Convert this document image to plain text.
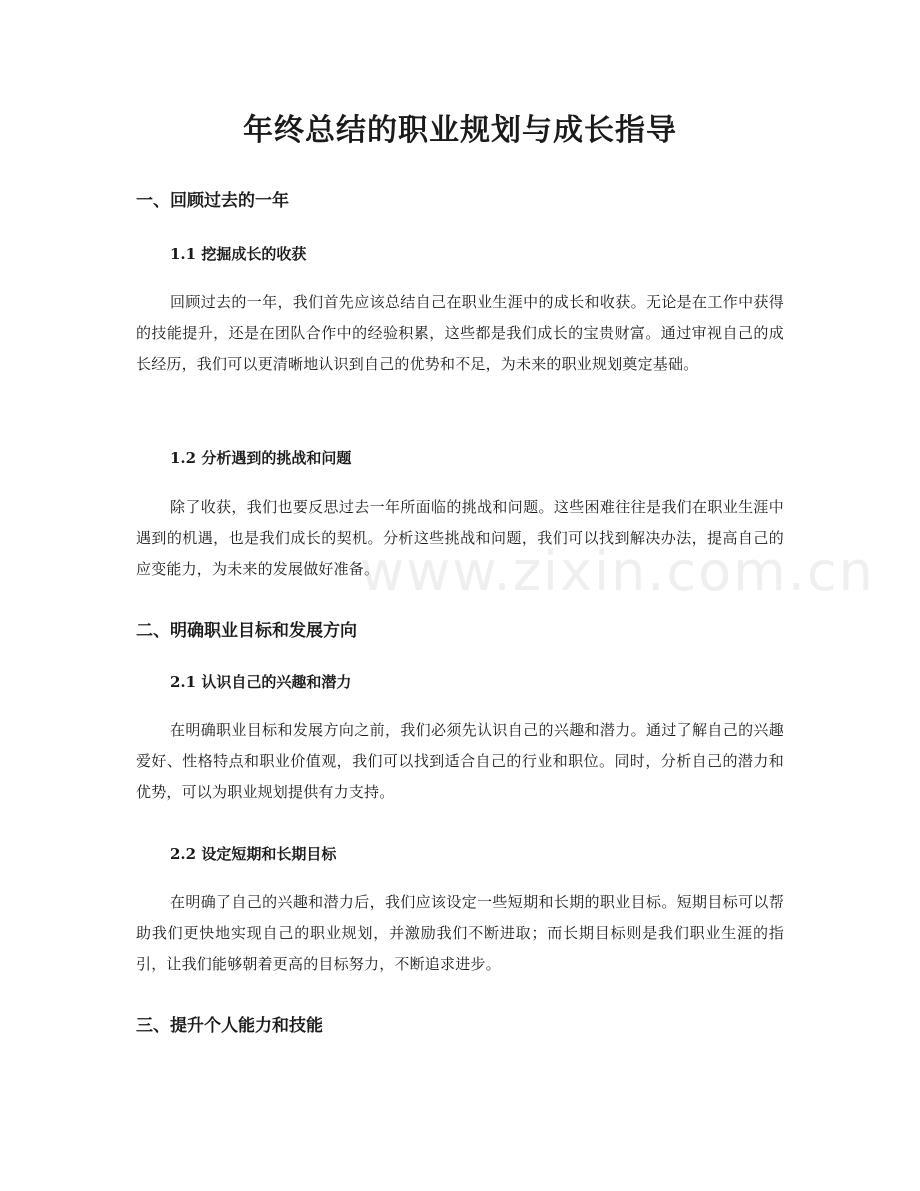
年终总结的职业规划与成长指导
一、回顾过去的一年
1.1 挖掘成长的收获

回顾过去的一年，我们首先应该总结自己在职业生涯中的成长和收获。无论是在工作中获得的技能提升，还是在团队合作中的经验积累，这些都是我们成长的宝贵财富。通过审视自己的成长经历，我们可以更清晰地认识到自己的优势和不足，为未来的职业规划奠定基础。

1.2 分析遇到的挑战和问题

除了收获，我们也要反思过去一年所面临的挑战和问题。这些困难往往是我们在职业生涯中遇到的机遇，也是我们成长的契机。分析这些挑战和问题，我们可以找到解决办法，提高自己的应变能力，为未来的发展做好准备。

二、明确职业目标和发展方向
2.1 认识自己的兴趣和潜力

在明确职业目标和发展方向之前，我们必须先认识自己的兴趣和潜力。通过了解自己的兴趣爱好、性格特点和职业价值观，我们可以找到适合自己的行业和职位。同时，分析自己的潜力和优势，可以为职业规划提供有力支持。

2.2 设定短期和长期目标

在明确了自己的兴趣和潜力后，我们应该设定一些短期和长期的职业目标。短期目标可以帮助我们更快地实现自己的职业规划，并激励我们不断进取；而长期目标则是我们职业生涯的指引，让我们能够朝着更高的目标努力，不断追求进步。

三、提升个人能力和技能
www.zixin.com.cn
